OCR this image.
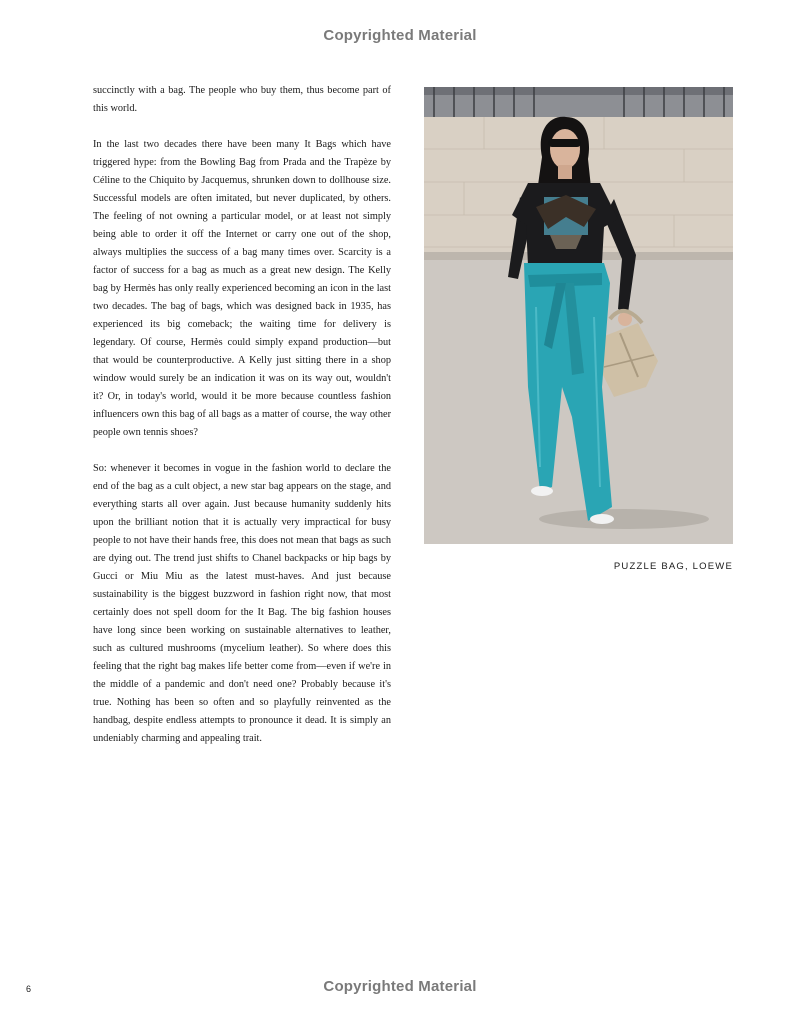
Copyrighted Material

succinctly with a bag. The people who buy them, thus become part of this world.

In the last two decades there have been many It Bags which have triggered hype: from the Bowling Bag from Prada and the Trapèze by Céline to the Chiquito by Jacquemus, shrunken down to dollhouse size. Successful models are often imitated, but never duplicated, by others. The feeling of not owning a particular model, or at least not simply being able to order it off the Internet or carry one out of the shop, always multiplies the success of a bag many times over. Scarcity is a factor of success for a bag as much as a great new design. The Kelly bag by Hermès has only really experienced becoming an icon in the last two decades. The bag of bags, which was designed back in 1935, has experienced its big comeback; the waiting time for delivery is legendary. Of course, Hermès could simply expand production—but that would be counterproductive. A Kelly just sitting there in a shop window would surely be an indication it was on its way out, wouldn't it? Or, in today's world, would it be more because countless fashion influencers own this bag of all bags as a matter of course, the way other people own tennis shoes?

So: whenever it becomes in vogue in the fashion world to declare the end of the bag as a cult object, a new star bag appears on the stage, and everything starts all over again. Just because humanity suddenly hits upon the brilliant notion that it is actually very impractical for busy people to not have their hands free, this does not mean that bags as such are dying out. The trend just shifts to Chanel backpacks or hip bags by Gucci or Miu Miu as the latest must-haves. And just because sustainability is the biggest buzzword in fashion right now, that most certainly does not spell doom for the It Bag. The big fashion houses have long since been working on sustainable alternatives to leather, such as cultured mushrooms (mycelium leather). So where does this feeling that the right bag makes life better come from—even if we're in the middle of a pandemic and don't need one? Probably because it's true. Nothing has been so often and so playfully reinvented as the handbag, despite endless attempts to pronounce it dead. It is simply an undeniably charming and appealing trait.

PUZZLE BAG, LOEWE
6	Copyrighted Material
